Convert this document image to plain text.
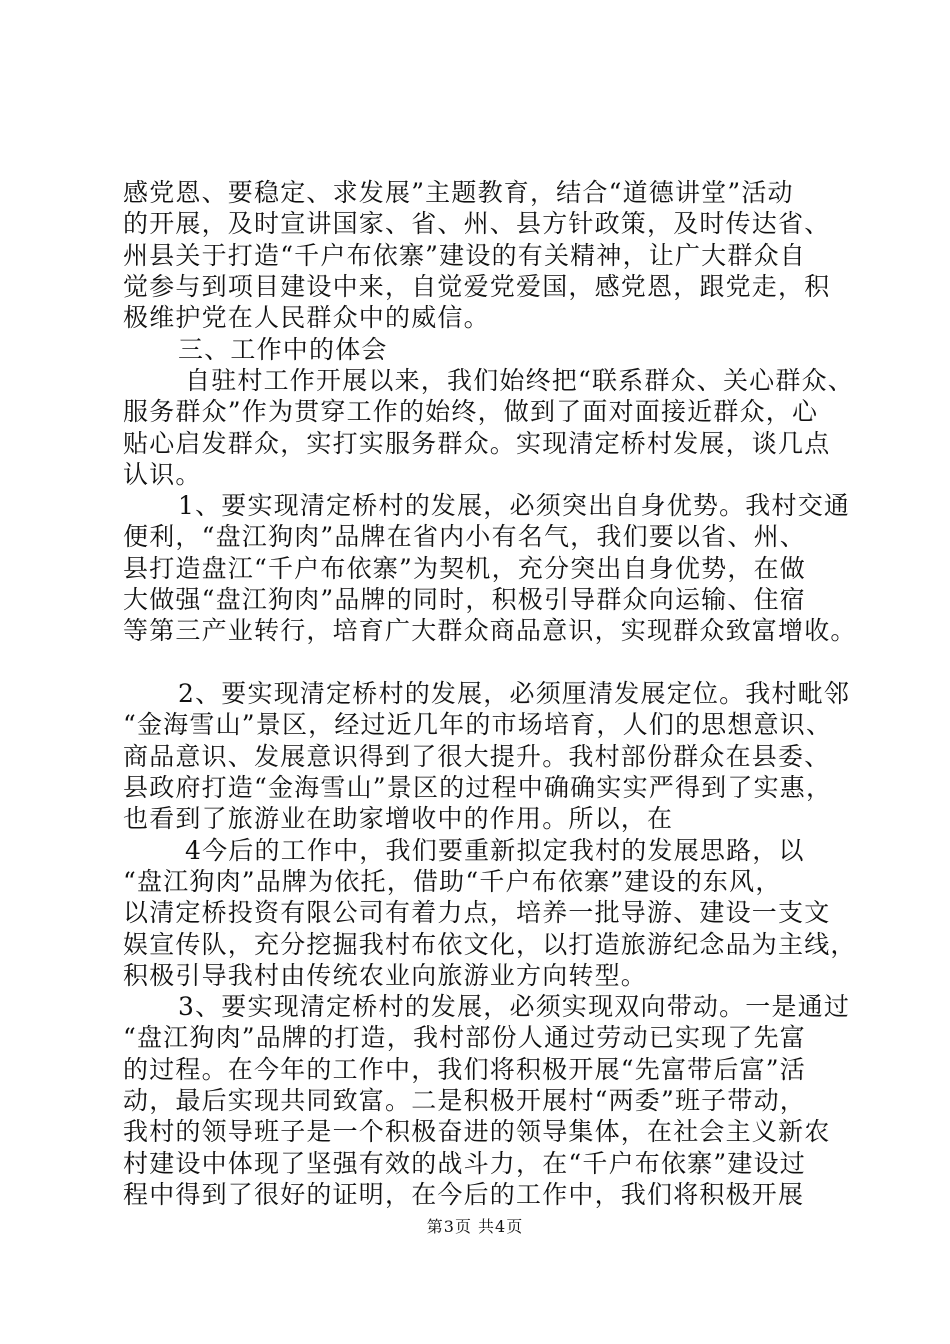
感党恩、要稳定、求发展”主题教育，结合“道德讲堂”活动
的开展，及时宣讲国家、省、州、县方针政策，及时传达省、
州县关于打造“千户布依寨”建设的有关精神，让广大群众自
觉参与到项目建设中来，自觉爱党爱国，感党恩，跟党走，积
极维护党在人民群众中的威信。
三、工作中的体会
自驻村工作开展以来，我们始终把“联系群众、关心群众、
服务群众”作为贯穿工作的始终，做到了面对面接近群众，心
贴心启发群众，实打实服务群众。实现清定桥村发展，谈几点
认识。
1、要实现清定桥村的发展，必须突出自身优势。我村交通
便利，“盘江狗肉”品牌在省内小有名气，我们要以省、州、
县打造盘江“千户布依寨”为契机，充分突出自身优势，在做
大做强“盘江狗肉”品牌的同时，积极引导群众向运输、住宿
等第三产业转行，培育广大群众商品意识，实现群众致富增收。
2、要实现清定桥村的发展，必须厘清发展定位。我村毗邻
“金海雪山”景区，经过近几年的市场培育，人们的思想意识、
商品意识、发展意识得到了很大提升。我村部份群众在县委、
县政府打造“金海雪山”景区的过程中确确实实严得到了实惠，
也看到了旅游业在助家增收中的作用。所以，在
4今后的工作中，我们要重新拟定我村的发展思路，以
“盘江狗肉”品牌为依托，借助“千户布依寨”建设的东风，
以清定桥投资有限公司有着力点，培养一批导游、建设一支文
娱宣传队，充分挖掘我村布依文化，以打造旅游纪念品为主线，
积极引导我村由传统农业向旅游业方向转型。
3、要实现清定桥村的发展，必须实现双向带动。一是通过
“盘江狗肉”品牌的打造，我村部份人通过劳动已实现了先富
的过程。在今年的工作中，我们将积极开展“先富带后富”活
动，最后实现共同致富。二是积极开展村“两委”班子带动，
我村的领导班子是一个积极奋进的领导集体，在社会主义新农
村建设中体现了坚强有效的战斗力，在“千户布依寨”建设过
程中得到了很好的证明，在今后的工作中，我们将积极开展
第3页 共4页
